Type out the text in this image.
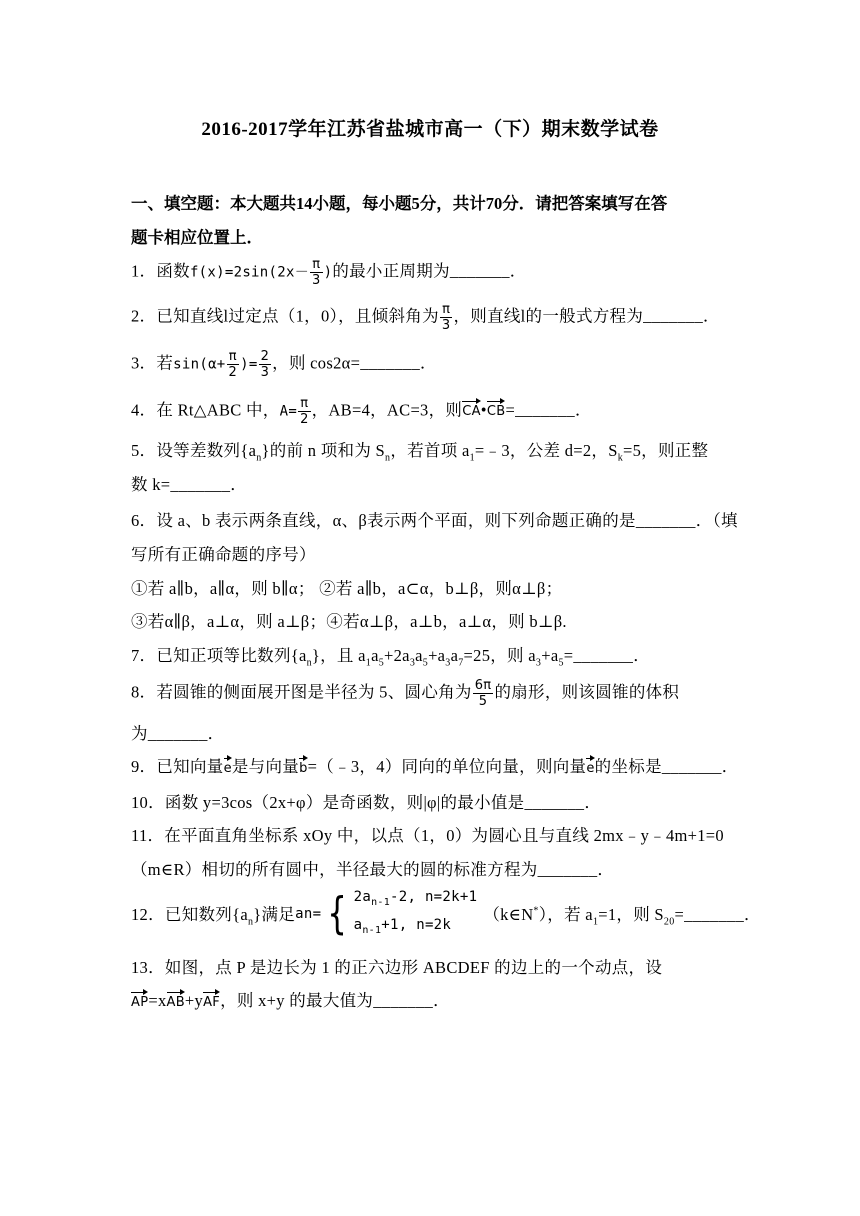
2016-2017学年江苏省盐城市高一（下）期末数学试卷
一、填空题：本大题共14小题，每小题5分，共计70分．请把答案填写在答
题卡相应位置上．
1．函数$f(x)=2\sin(2x- \frac{\pi}{3}$ )的最小正周期为_______．
2．已知直线l过定点（1，0），且倾斜角为 $\frac{\pi}{3}$ ，则直线l的一般式方程为_______．
3．若$\sin(\alpha+ \frac{\pi}{2}$ )= $\frac{2}{3}$ ，则 cos2α=_______．
4．在 Rt△ABC 中，$A= \frac{\pi}{2}$ ，AB=4，AC=3，则CA•CB=_______．
5．设等差数列$\{a_n\}$的前 n 项和为 $S_n$，若首项 $a_1=﹣3$，公差 d=2，$S_k=5$，则正整
数 k=_______．
6．设 a、b 表示两条直线，α、β表示两个平面，则下列命题正确的是_______．（填
写所有正确命题的序号）
①若 a∥b，a∥α，则 b∥α； ②若 a∥b，a⊂α，b⊥β，则α⊥β；
③若α∥β，a⊥α，则 a⊥β；④若α⊥β，a⊥b，a⊥α，则 b⊥β.
7．已知正项等比数列$\{a_n\}$，且 $a_1a_5+2a_3a_5+a_3a_7=25$，则 $a_3+a_5=\_\_\_\_\_\_\_$．
8．若圆锥的侧面展开图是半径为 5、圆心角为 $\frac{6\pi}{5}$ 的扇形，则该圆锥的体积
为_______．
9．已知向量e是与向量b=（﹣3，4）同向的单位向量，则向量e的坐标是_______．
10．函数 y=3cos（2x+φ）是奇函数，则|φ|的最小值是_______．
11．在平面直角坐标系 xOy 中，以点（1，0）为圆心且与直线 2mx﹣y﹣4m+1=0
（m∈R）相切的所有圆中，半径最大的圆的标准方程为_______．
12．已知数列$\{a_n\}$满足 a n = { $2a_{n-1}-2$, n=2k+1
$a_{n-1}+1$, n=2k
（k∈N*），若 $a_1=1$，则 $S_{20}=\_\_\_\_\_\_\_$．
13．如图，点 P 是边长为 1 的正六边形 ABCDEF 的边上的一个动点，设
AP=xAB+yAF，则 x+y 的最大值为_______．
